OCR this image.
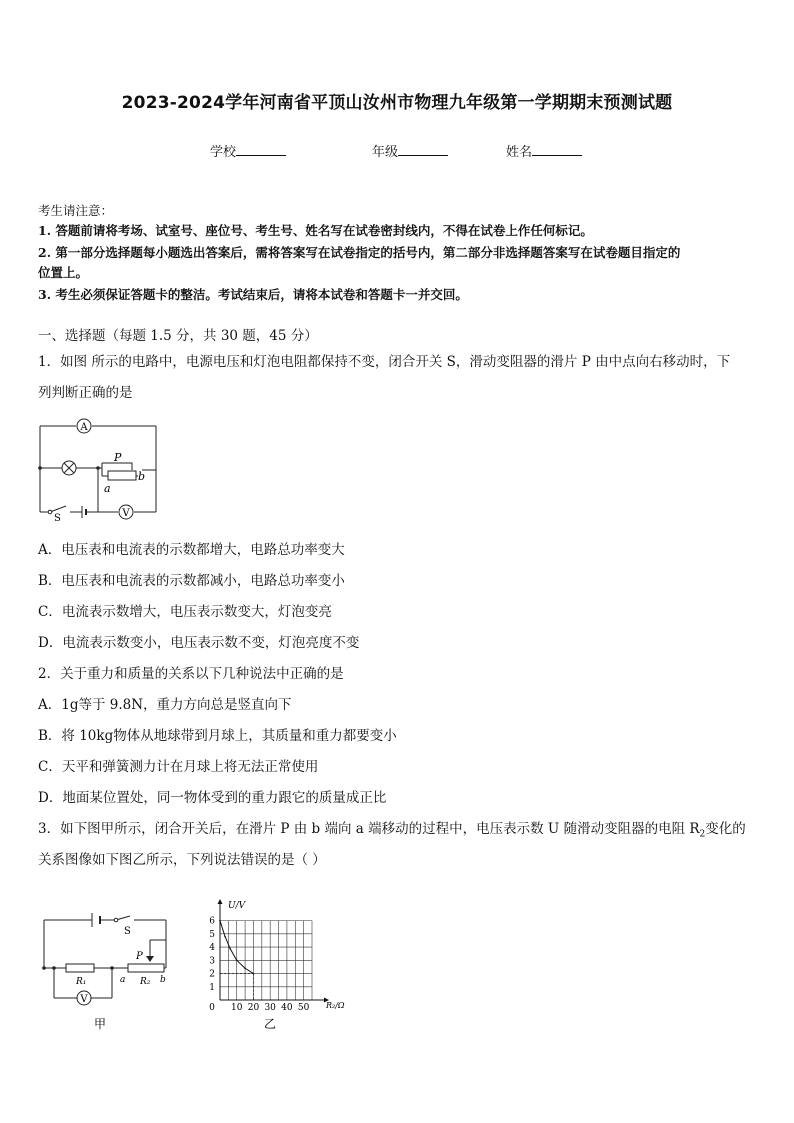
2023-2024学年河南省平顶山汝州市物理九年级第一学期期末预测试题
学校	年级	姓名
考生请注意：
1. 答题前请将考场、试室号、座位号、考生号、姓名写在试卷密封线内，不得在试卷上作任何标记。
2. 第一部分选择题每小题选出答案后，需将答案写在试卷指定的括号内，第二部分非选择题答案写在试卷题目指定的
位置上。
3. 考生必须保证答题卡的整洁。考试结束后，请将本试卷和答题卡一并交回。
一、选择题（每题 1.5 分，共 30 题，45 分）
1．如图 所示的电路中，电源电压和灯泡电阻都保持不变，闭合开关 S，滑动变阻器的滑片 P 由中点向右移动时，下
列判断正确的是
A
V
P
a
b
S
A．电压表和电流表的示数都增大，电路总功率变大
B．电压表和电流表的示数都减小，电路总功率变小
C．电流表示数增大，电压表示数变大，灯泡变亮
D．电流表示数变小，电压表示数不变，灯泡亮度不变
2．关于重力和质量的关系以下几种说法中正确的是
A．1g等于 9.8N，重力方向总是竖直向下
B．将 10kg物体从地球带到月球上，其质量和重力都要变小
C．天平和弹簧测力计在月球上将无法正常使用
D．地面某位置处，同一物体受到的重力跟它的质量成正比
3．如下图甲所示，闭合开关后，在滑片 P 由 b 端向 a 端移动的过程中，电压表示数 U 随滑动变阻器的电阻 $R_2$变化的
关系图像如下图乙所示，下列说法错误的是（ ）
V
S
P
R₁	R₂
a	b
甲
0 10 20 30 40 50
1
2
3
4
5
6
U/V
R₂/Ω
乙
